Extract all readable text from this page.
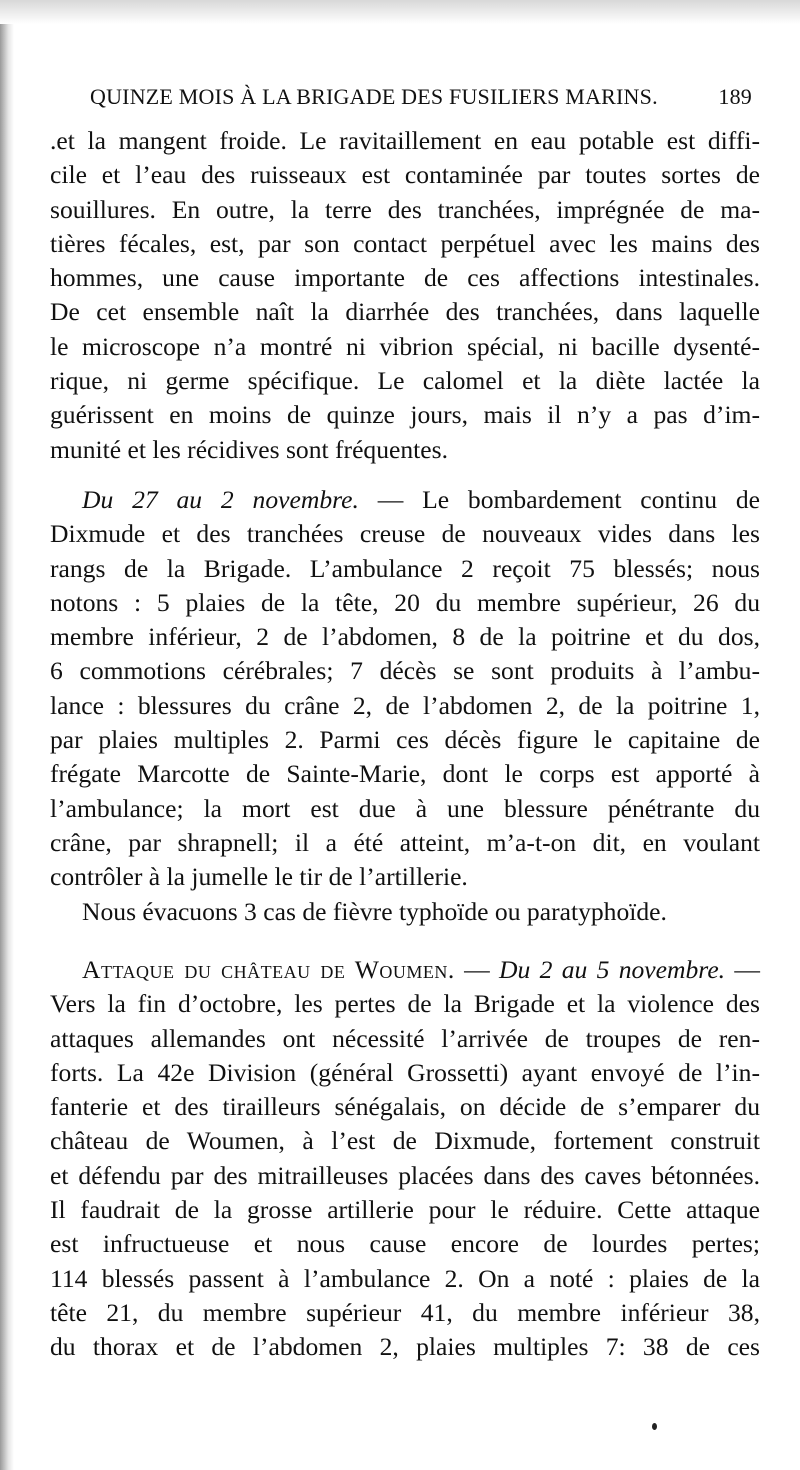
QUINZE MOIS À LA BRIGADE DES FUSILIERS MARINS.	189
.et la mangent froide. Le ravitaillement en eau potable est diffi-
cile et l’eau des ruisseaux est contaminée par toutes sortes de
souillures. En outre, la terre des tranchées, imprégnée de ma-
tières fécales, est, par son contact perpétuel avec les mains des
hommes, une cause importante de ces affections intestinales.
De cet ensemble naît la diarrhée des tranchées, dans laquelle
le microscope n’a montré ni vibrion spécial, ni bacille dysenté-
rique, ni germe spécifique. Le calomel et la diète lactée la
guérissent en moins de quinze jours, mais il n’y a pas d’im-
munité et les récidives sont fréquentes.
Du 27 au 2 novembre. — Le bombardement continu de
Dixmude et des tranchées creuse de nouveaux vides dans les
rangs de la Brigade. L’ambulance 2 reçoit 75 blessés; nous
notons : 5 plaies de la tête, 20 du membre supérieur, 26 du
membre inférieur, 2 de l’abdomen, 8 de la poitrine et du dos,
6 commotions cérébrales; 7 décès se sont produits à l’ambu-
lance : blessures du crâne 2, de l’abdomen 2, de la poitrine 1,
par plaies multiples 2. Parmi ces décès figure le capitaine de
frégate Marcotte de Sainte-Marie, dont le corps est apporté à
l’ambulance; la mort est due à une blessure pénétrante du
crâne, par shrapnell; il a été atteint, m’a-t-on dit, en voulant
contrôler à la jumelle le tir de l’artillerie.
Nous évacuons 3 cas de fièvre typhoïde ou paratyphoïde.
Attaque du château de Woumen. — Du 2 au 5 novembre. —
Vers la fin d’octobre, les pertes de la Brigade et la violence des
attaques allemandes ont nécessité l’arrivée de troupes de ren-
forts. La 42e Division (général Grossetti) ayant envoyé de l’in-
fanterie et des tirailleurs sénégalais, on décide de s’emparer du
château de Woumen, à l’est de Dixmude, fortement construit
et défendu par des mitrailleuses placées dans des caves bétonnées.
Il faudrait de la grosse artillerie pour le réduire. Cette attaque
est infructueuse et nous cause encore de lourdes pertes;
114 blessés passent à l’ambulance 2. On a noté : plaies de la
tête 21, du membre supérieur 41, du membre inférieur 38,
du thorax et de l’abdomen 2, plaies multiples 7: 38 de ces
